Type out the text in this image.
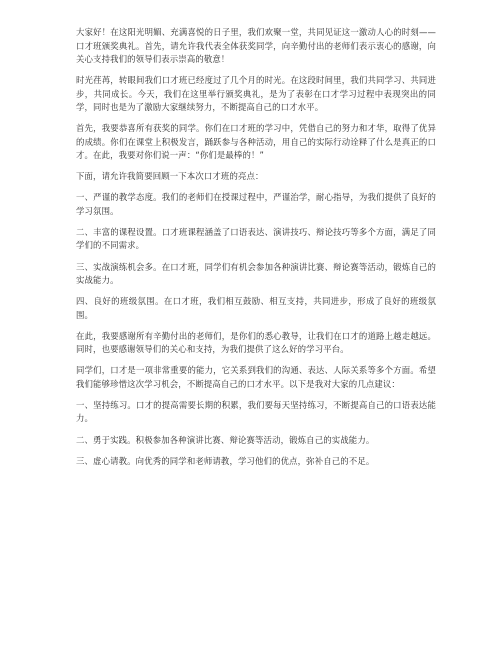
大家好！在这阳光明媚、充满喜悦的日子里，我们欢聚一堂，共同见证这一激动人心的时刻——口才班颁奖典礼。首先，请允许我代表全体获奖同学，向辛勤付出的老师们表示衷心的感谢，向关心支持我们的领导们表示崇高的敬意！

时光荏苒，转眼间我们口才班已经度过了几个月的时光。在这段时间里，我们共同学习、共同进步，共同成长。今天，我们在这里举行颁奖典礼，是为了表彰在口才学习过程中表现突出的同学，同时也是为了激励大家继续努力，不断提高自己的口才水平。

首先，我要恭喜所有获奖的同学。你们在口才班的学习中，凭借自己的努力和才华，取得了优异的成绩。你们在课堂上积极发言，踊跃参与各种活动，用自己的实际行动诠释了什么是真正的口才。在此，我要对你们说一声：“你们是最棒的！”

下面，请允许我简要回顾一下本次口才班的亮点：

一、严谨的教学态度。我们的老师们在授课过程中，严谨治学，耐心指导，为我们提供了良好的学习氛围。

二、丰富的课程设置。口才班课程涵盖了口语表达、演讲技巧、辩论技巧等多个方面，满足了同学们的不同需求。

三、实战演练机会多。在口才班，同学们有机会参加各种演讲比赛、辩论赛等活动，锻炼自己的实战能力。

四、良好的班级氛围。在口才班，我们相互鼓励、相互支持，共同进步，形成了良好的班级氛围。

在此，我要感谢所有辛勤付出的老师们，是你们的悉心教导，让我们在口才的道路上越走越远。同时，也要感谢领导们的关心和支持，为我们提供了这么好的学习平台。

同学们，口才是一项非常重要的能力，它关系到我们的沟通、表达、人际关系等多个方面。希望我们能够珍惜这次学习机会，不断提高自己的口才水平。以下是我对大家的几点建议：

一、坚持练习。口才的提高需要长期的积累，我们要每天坚持练习，不断提高自己的口语表达能力。

二、勇于实践。积极参加各种演讲比赛、辩论赛等活动，锻炼自己的实战能力。

三、虚心请教。向优秀的同学和老师请教，学习他们的优点，弥补自己的不足。
